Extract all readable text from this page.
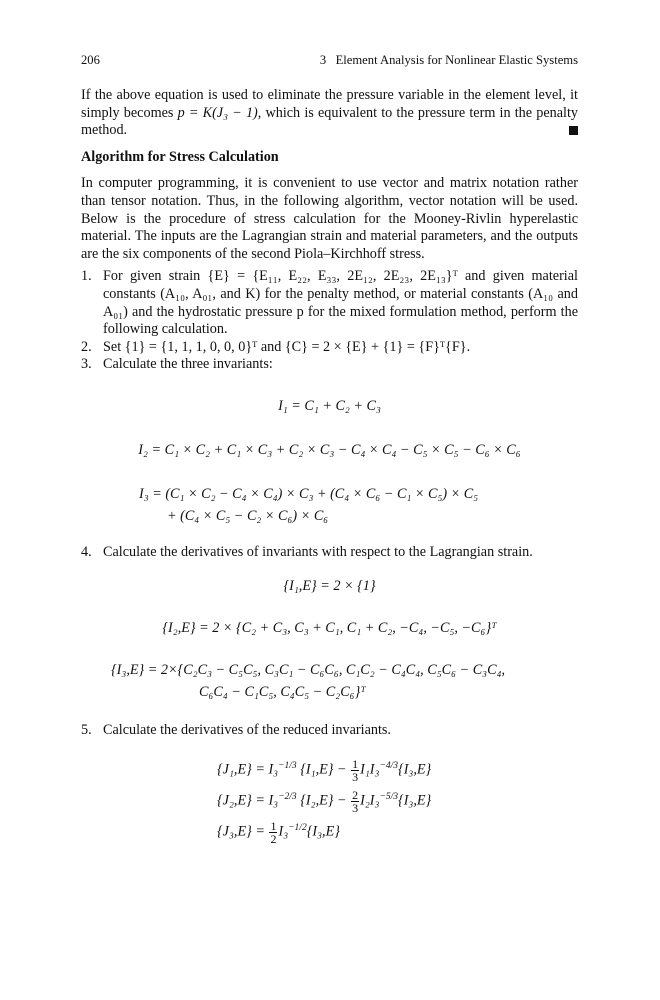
206	3   Element Analysis for Nonlinear Elastic Systems

If the above equation is used to eliminate the pressure variable in the element level, it simply becomes p = K(J₃ − 1), which is equivalent to the pressure term in the penalty method.

Algorithm for Stress Calculation

In computer programming, it is convenient to use vector and matrix notation rather than tensor notation. Thus, in the following algorithm, vector notation will be used. Below is the procedure of stress calculation for the Mooney-Rivlin hyperelastic material. The inputs are the Lagrangian strain and material parameters, and the outputs are the six components of the second Piola–Kirchhoff stress.

1. For given strain {E} = {E₁₁, E₂₂, E₃₃, 2E₁₂, 2E₂₃, 2E₁₃}ᵀ and given material constants (A₁₀, A₀₁, and K) for the penalty method, or material constants (A₁₀ and A₀₁) and the hydrostatic pressure p for the mixed formulation method, perform the following calculation.
2. Set {1} = {1, 1, 1, 0, 0, 0}ᵀ and {C} = 2 × {E} + {1} = {F}ᵀ{F}.
3. Calculate the three invariants:
I₁ = C₁ + C₂ + C₃
I₂ = C₁ × C₂ + C₁ × C₃ + C₂ × C₃ − C₄ × C₄ − C₅ × C₅ − C₆ × C₆
I₃ = (C₁ × C₂ − C₄ × C₄) × C₃ + (C₄ × C₆ − C₁ × C₅) × C₅
+ (C₄ × C₅ − C₂ × C₆) × C₆
4. Calculate the derivatives of invariants with respect to the Lagrangian strain.
{I₁,E} = 2 × {1}
{I₂,E} = 2 × {C₂ + C₃, C₃ + C₁, C₁ + C₂, −C₄, −C₅, −C₆}ᵀ
{I₃,E} = 2×{C₂C₃ − C₅C₅, C₃C₁ − C₆C₆, C₁C₂ − C₄C₄, C₅C₆ − C₃C₄,
C₆C₄ − C₁C₅, C₄C₅ − C₂C₆}ᵀ
5. Calculate the derivatives of the reduced invariants.
{J₁,E} = I₃$^{-1/3}$ $\{I_1,E\} - \frac{1}{3} I_1I_3^{-4/3}\{I_3,E\}$
{J₂,E} = I₃$^{-2/3}$ $\{I_2,E\} - \frac{2}{3} I_2I_3^{-5/3}\{I_3,E\}$
$\{J_3,E\} = \frac{1}{2} I_3^{-1/2}\{I_3,E\}$
